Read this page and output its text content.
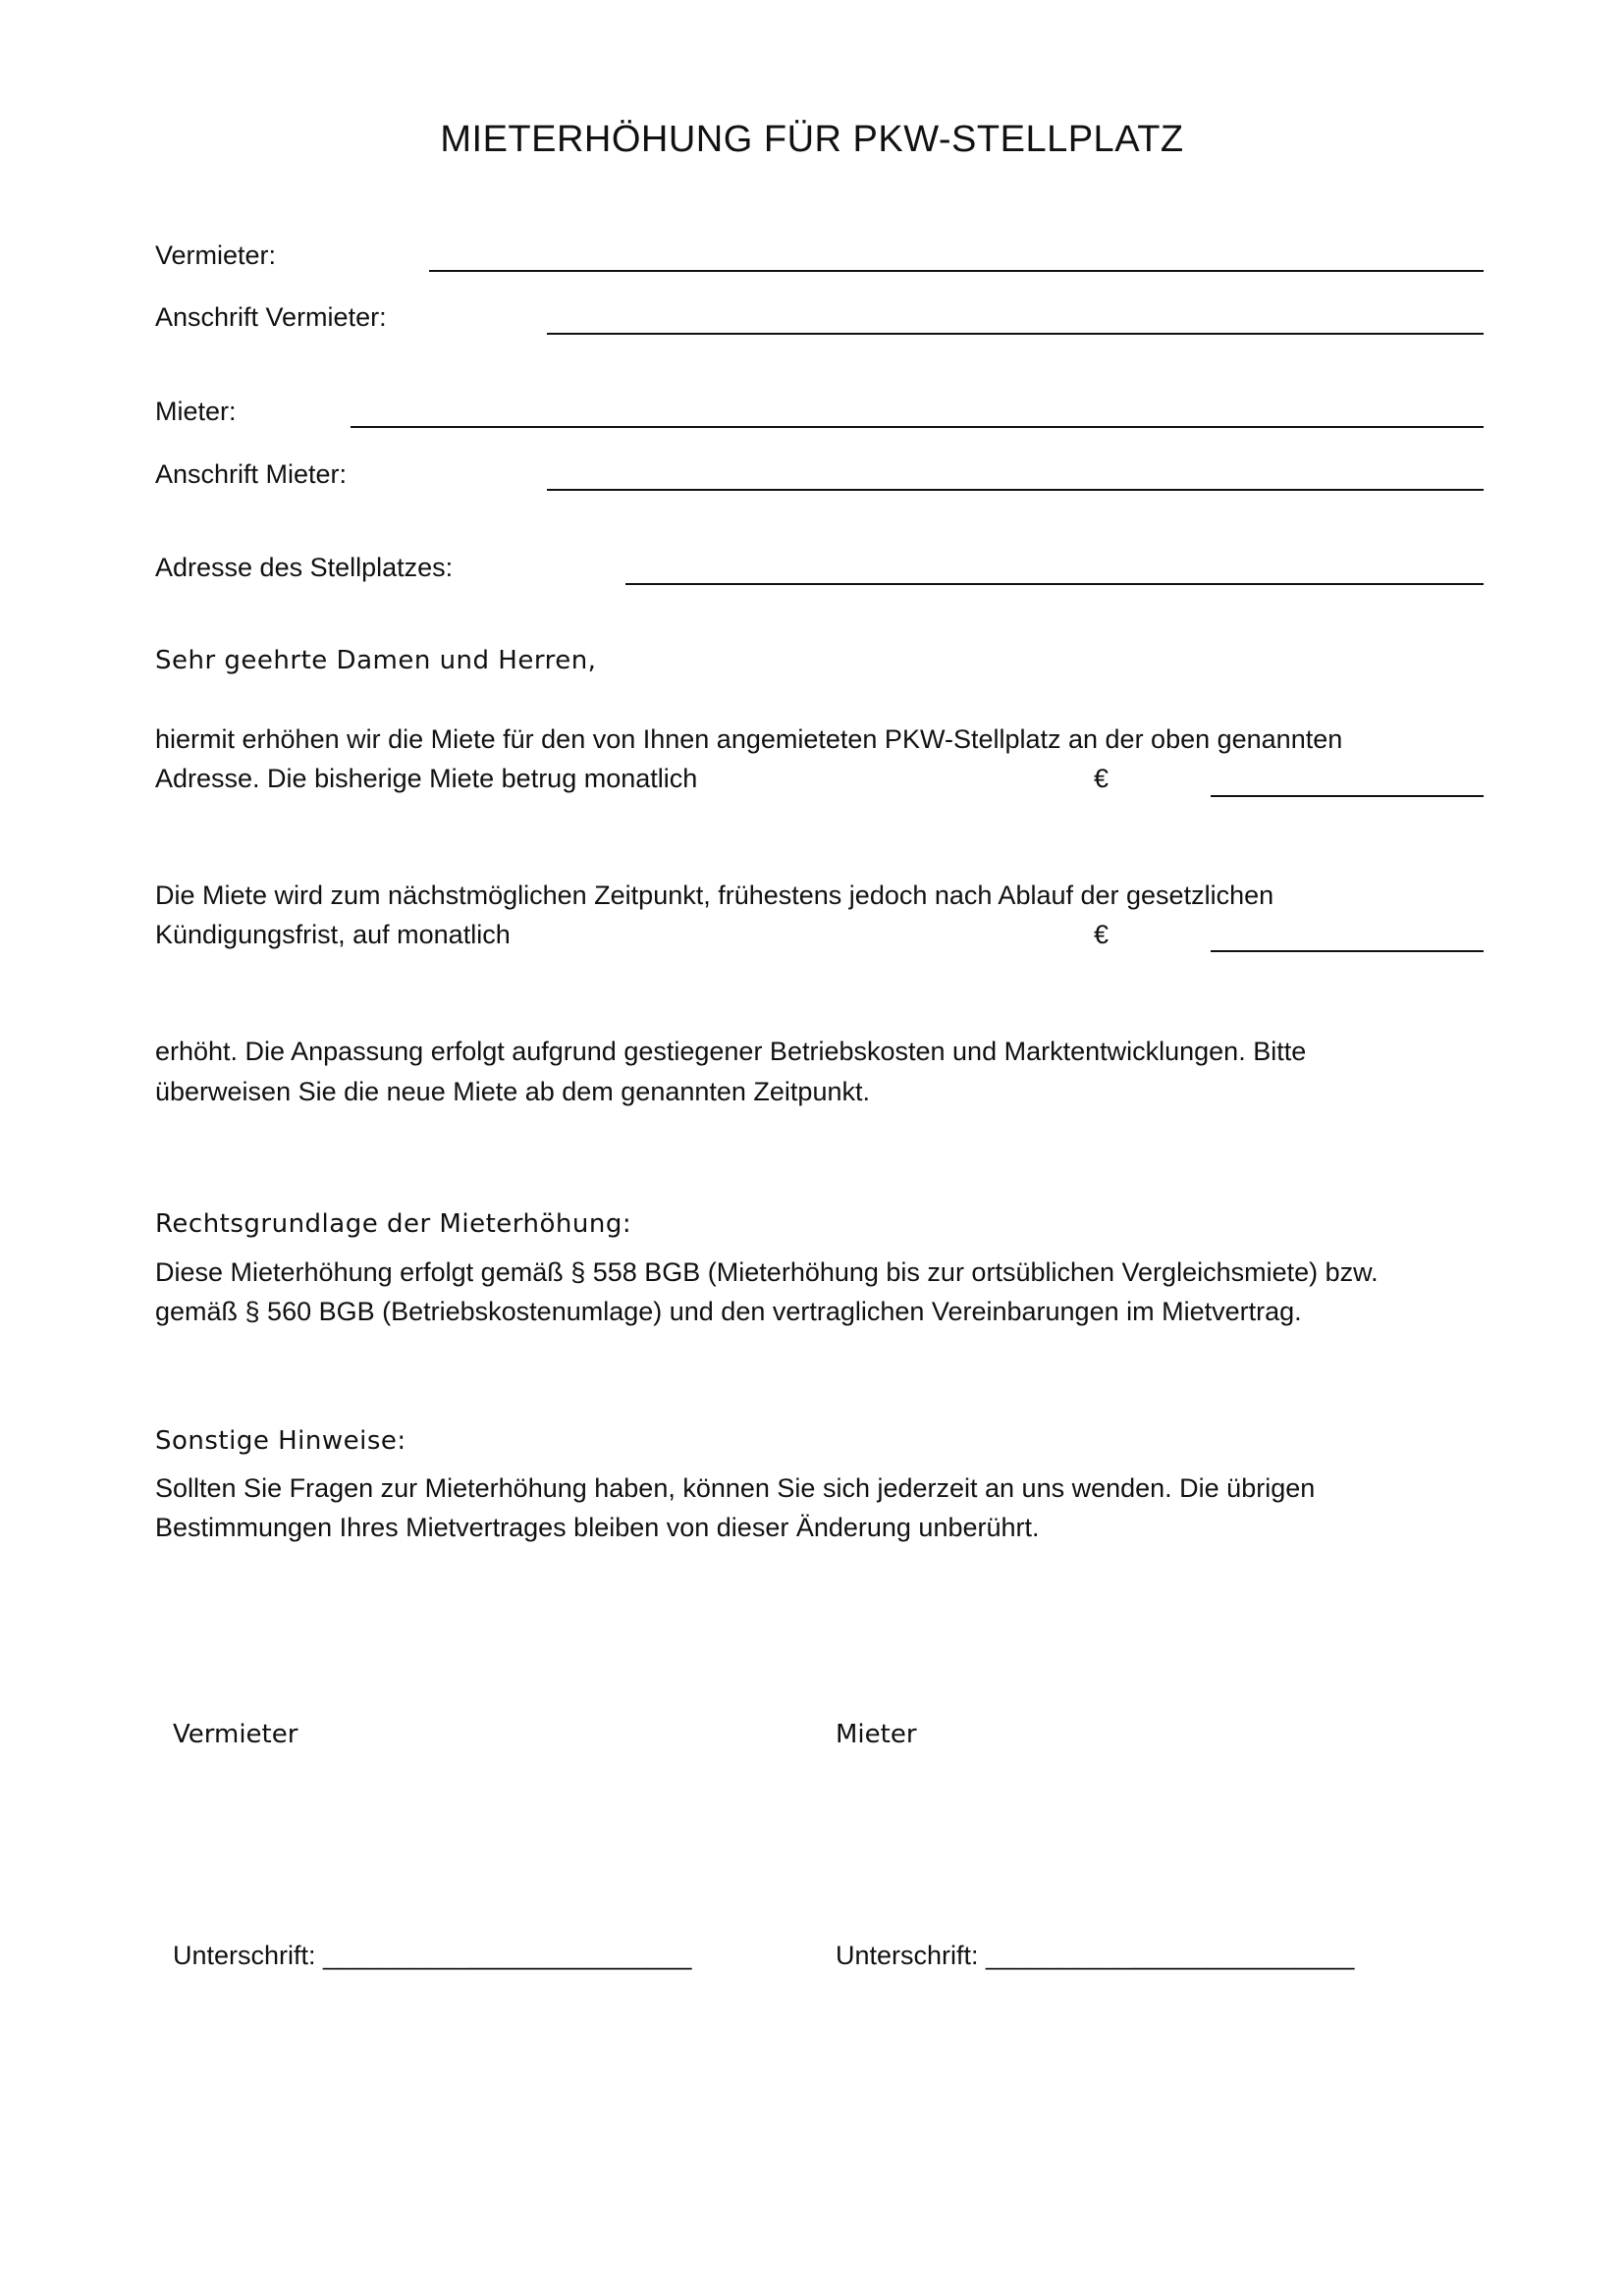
MIETERHÖHUNG FÜR PKW-STELLPLATZ
Vermieter:
Anschrift Vermieter:
Mieter:
Anschrift Mieter:
Adresse des Stellplatzes:
Sehr geehrte Damen und Herren,
hiermit erhöhen wir die Miete für den von Ihnen angemieteten PKW-Stellplatz an der oben genannten
Adresse. Die bisherige Miete betrug monatlich	€
Die Miete wird zum nächstmöglichen Zeitpunkt, frühestens jedoch nach Ablauf der gesetzlichen
Kündigungsfrist, auf monatlich	€
erhöht. Die Anpassung erfolgt aufgrund gestiegener Betriebskosten und Marktentwicklungen. Bitte
überweisen Sie die neue Miete ab dem genannten Zeitpunkt.
Rechtsgrundlage der Mieterhöhung:
Diese Mieterhöhung erfolgt gemäß § 558 BGB (Mieterhöhung bis zur ortsüblichen Vergleichsmiete) bzw.
gemäß § 560 BGB (Betriebskostenumlage) und den vertraglichen Vereinbarungen im Mietvertrag.
Sonstige Hinweise:
Sollten Sie Fragen zur Mieterhöhung haben, können Sie sich jederzeit an uns wenden. Die übrigen
Bestimmungen Ihres Mietvertrages bleiben von dieser Änderung unberührt.
Vermieter	Mieter
Unterschrift: _________________________	Unterschrift: _________________________
